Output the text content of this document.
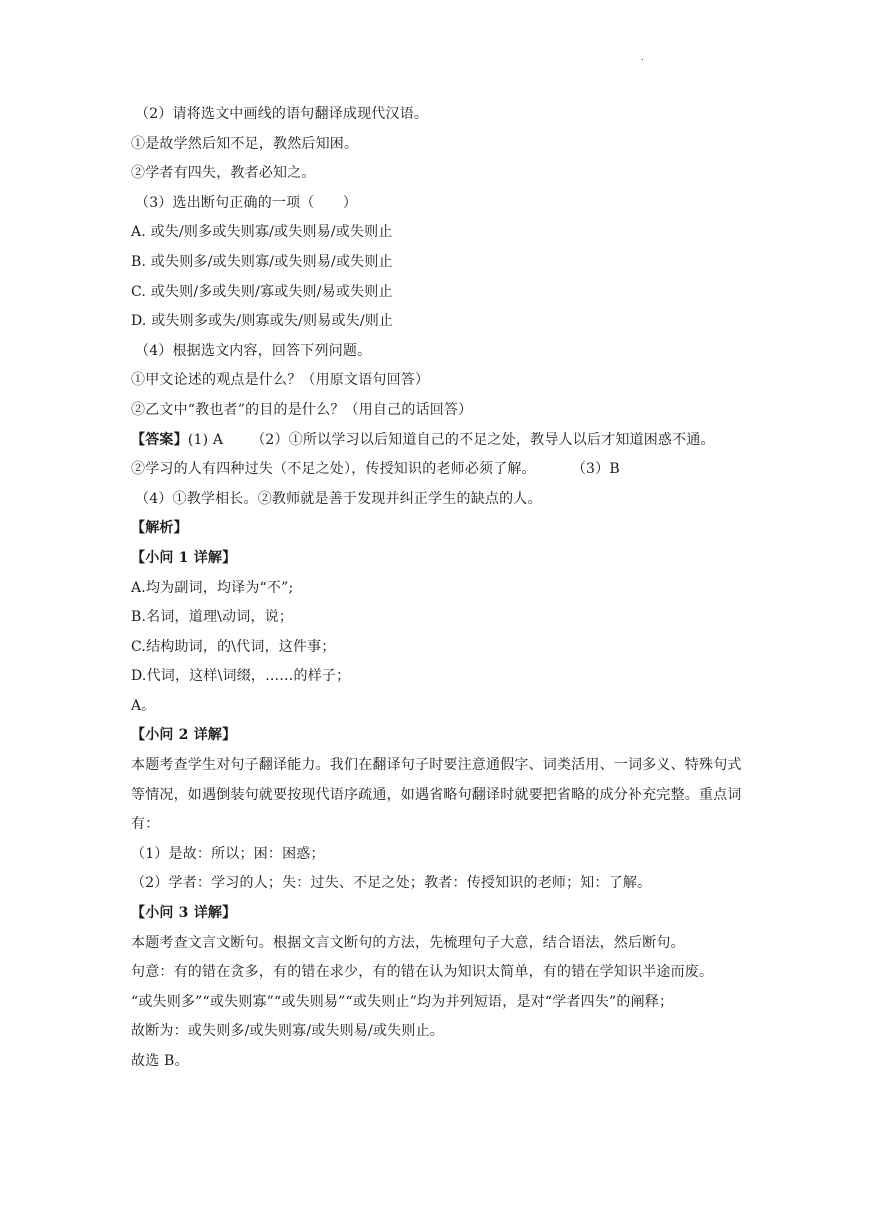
.
（2）请将选文中画线的语句翻译成现代汉语。
①是故学然后知不足，教然后知困。
②学者有四失，教者必知之。
（3）选出断句正确的一项（　　）
A. 或失/则多或失则寡/或失则易/或失则止
B. 或失则多/或失则寡/或失则易/或失则止
C. 或失则/多或失则/寡或失则/易或失则止
D. 或失则多或失/则寡或失/则易或失/则止
（4）根据选文内容，回答下列问题。
①甲文论述的观点是什么？（用原文语句回答）
②乙文中“教也者”的目的是什么？（用自己的话回答）
【答案】(1) A （2）①所以学习以后知道自己的不足之处，教导人以后才知道困惑不通。
②学习的人有四种过失（不足之处），传授知识的老师必须了解。	（3）B
（4）①教学相长。②教师就是善于发现并纠正学生的缺点的人。
【解析】
【小问 1 详解】
A.均为副词，均译为“不”;
B.名词，道理\动词，说；
C.结构助词，的\代词，这件事；
D.代词，这样\词缀，……的样子；
A。
【小问 2 详解】
本题考查学生对句子翻译能力。我们在翻译句子时要注意通假字、词类活用、一词多义、特殊句式等情况，如遇倒装句就要按现代语序疏通，如遇省略句翻译时就要把省略的成分补充完整。重点词有：
（1）是故：所以；困：困惑；
（2）学者：学习的人；失：过失、不足之处；教者：传授知识的老师；知：了解。
【小问 3 详解】
本题考查文言文断句。根据文言文断句的方法，先梳理句子大意，结合语法，然后断句。
句意：有的错在贪多，有的错在求少，有的错在认为知识太简单，有的错在学知识半途而废。
“或失则多”“或失则寡”“或失则易”“或失则止”均为并列短语，是对“学者四失”的阐释；
故断为：或失则多/或失则寡/或失则易/或失则止。
故选 B。
